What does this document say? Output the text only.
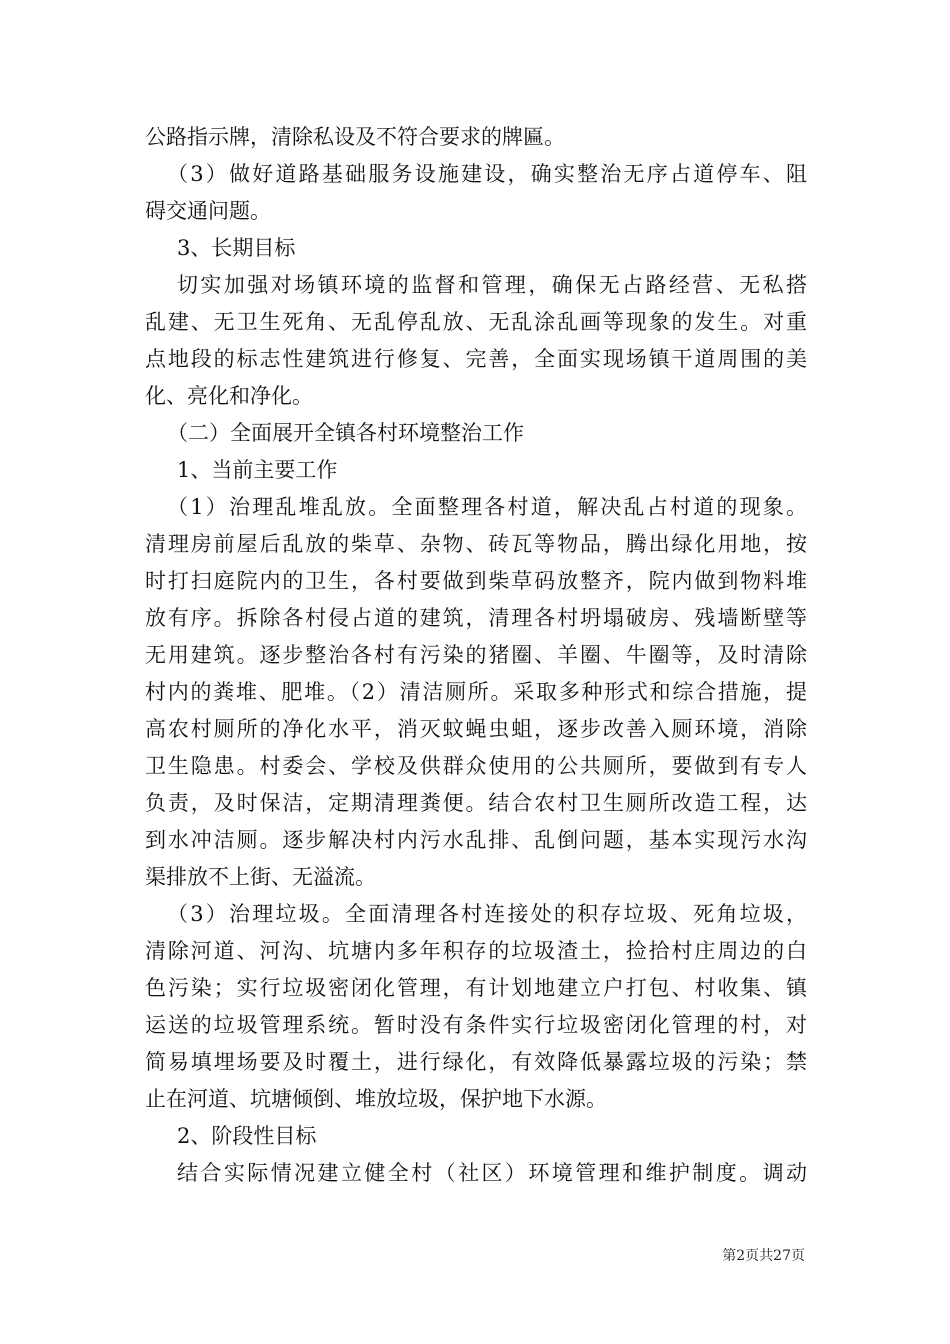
公路指示牌，清除私设及不符合要求的牌匾。
（3）做好道路基础服务设施建设，确实整治无序占道停车、阻
碍交通问题。
3、长期目标
切实加强对场镇环境的监督和管理，确保无占路经营、无私搭
乱建、无卫生死角、无乱停乱放、无乱涂乱画等现象的发生。对重
点地段的标志性建筑进行修复、完善，全面实现场镇干道周围的美
化、亮化和净化。
（二）全面展开全镇各村环境整治工作
1、当前主要工作
（1）治理乱堆乱放。全面整理各村道，解决乱占村道的现象。
清理房前屋后乱放的柴草、杂物、砖瓦等物品，腾出绿化用地，按
时打扫庭院内的卫生，各村要做到柴草码放整齐，院内做到物料堆
放有序。拆除各村侵占道的建筑，清理各村坍塌破房、残墙断壁等
无用建筑。逐步整治各村有污染的猪圈、羊圈、牛圈等，及时清除
村内的粪堆、肥堆。（2）清洁厕所。采取多种形式和综合措施，提
高农村厕所的净化水平，消灭蚊蝇虫蛆，逐步改善入厕环境，消除
卫生隐患。村委会、学校及供群众使用的公共厕所，要做到有专人
负责，及时保洁，定期清理粪便。结合农村卫生厕所改造工程，达
到水冲洁厕。逐步解决村内污水乱排、乱倒问题，基本实现污水沟
渠排放不上街、无溢流。
（3）治理垃圾。全面清理各村连接处的积存垃圾、死角垃圾，
清除河道、河沟、坑塘内多年积存的垃圾渣土，捡拾村庄周边的白
色污染；实行垃圾密闭化管理，有计划地建立户打包、村收集、镇
运送的垃圾管理系统。暂时没有条件实行垃圾密闭化管理的村，对
简易填埋场要及时覆土，进行绿化，有效降低暴露垃圾的污染；禁
止在河道、坑塘倾倒、堆放垃圾，保护地下水源。
2、阶段性目标
结合实际情况建立健全村（社区）环境管理和维护制度。调动
第2页共27页
